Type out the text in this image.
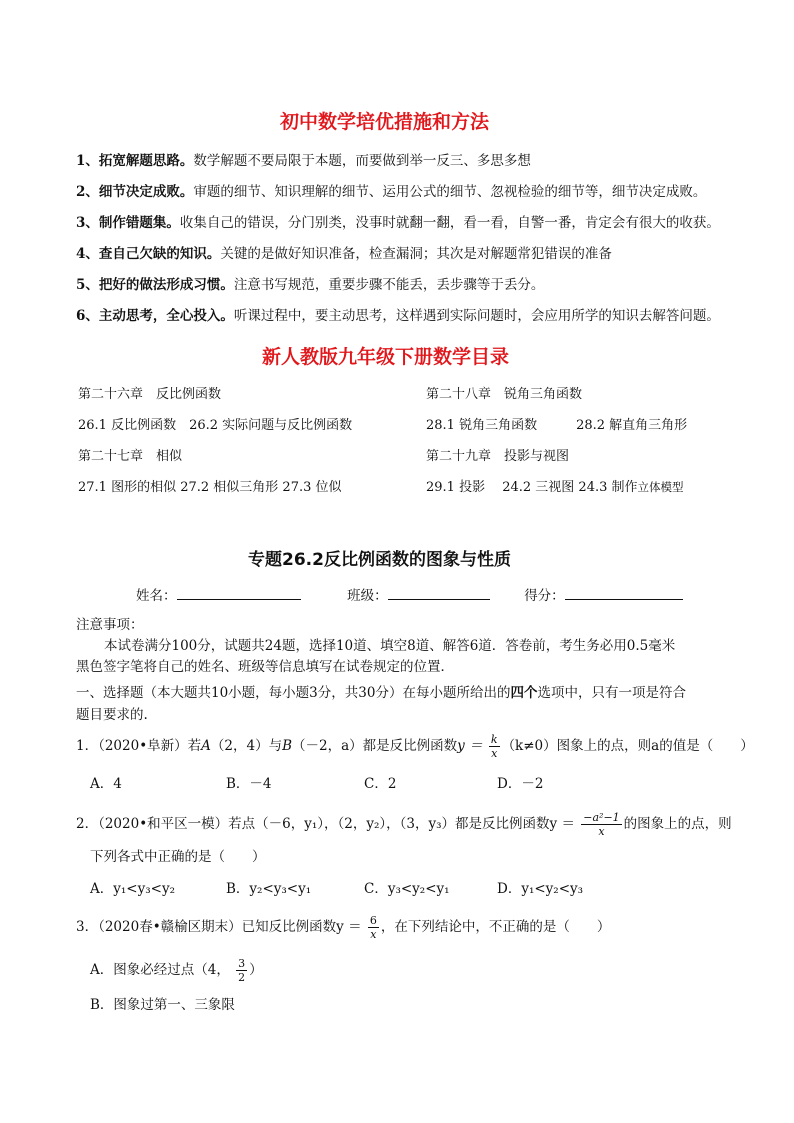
初中数学培优措施和方法
1、拓宽解题思路。数学解题不要局限于本题，而要做到举一反三、多思多想
2、细节决定成败。审题的细节、知识理解的细节、运用公式的细节、忽视检验的细节等，细节决定成败。
3、制作错题集。收集自己的错误，分门别类，没事时就翻一翻，看一看，自警一番，肯定会有很大的收获。
4、查自己欠缺的知识。关键的是做好知识准备，检查漏洞；其次是对解题常犯错误的准备
5、把好的做法形成习惯。注意书写规范，重要步骤不能丢，丢步骤等于丢分。
6、主动思考，全心投入。听课过程中，要主动思考，这样遇到实际问题时，会应用所学的知识去解答问题。
新人教版九年级下册数学目录
第二十六章　反比例函数
26.1 反比例函数　26.2 实际问题与反比例函数
第二十七章　相似
27.1 图形的相似 27.2 相似三角形 27.3 位似
第二十八章　锐角三角函数
28.1 锐角三角函数　　　28.2 解直角三角形
第二十九章　投影与视图
29.1 投影　 24.2 三视图 24.3 制作立体模型
专题26.2反比例函数的图象与性质
姓名：	班级：	得分：
注意事项：
本试卷满分100分，试题共24题，选择10道、填空8道、解答6道．答卷前，考生务必用0.5毫米
黑色签字笔将自己的姓名、班级等信息填写在试卷规定的位置．
一、选择题（本大题共10小题，每小题3分，共30分）在每小题所给出的四个选项中，只有一项是符合
题目要求的.
1．（2020•阜新）若A（2，4）与B（－2，a）都是反比例函数$y = \frac{k}{x} (k\ne 0)$图象上的点，则a的值是（　　）
A．4	B．－4	C．2	D．－2
2．（2020•和平区一模）若点（－6，y₁），（2，y₂），（3，y₃）都是反比例函数$y = \frac{\text{−a²−1}}{x}$ 的图象上的点，则
下列各式中正确的是（　　）
A．y₁<y₃<y₂	B．y₂<y₃<y₁	C．y₃<y₂<y₁	D．y₁<y₂<y₃
3．（2020春•赣榆区期末）已知反比例函数$y = \frac{6}{x}$ ，在下列结论中，不正确的是（　　）
A．图象必经过点（4， $\frac{3}{2}$ ）
B．图象过第一、三象限
